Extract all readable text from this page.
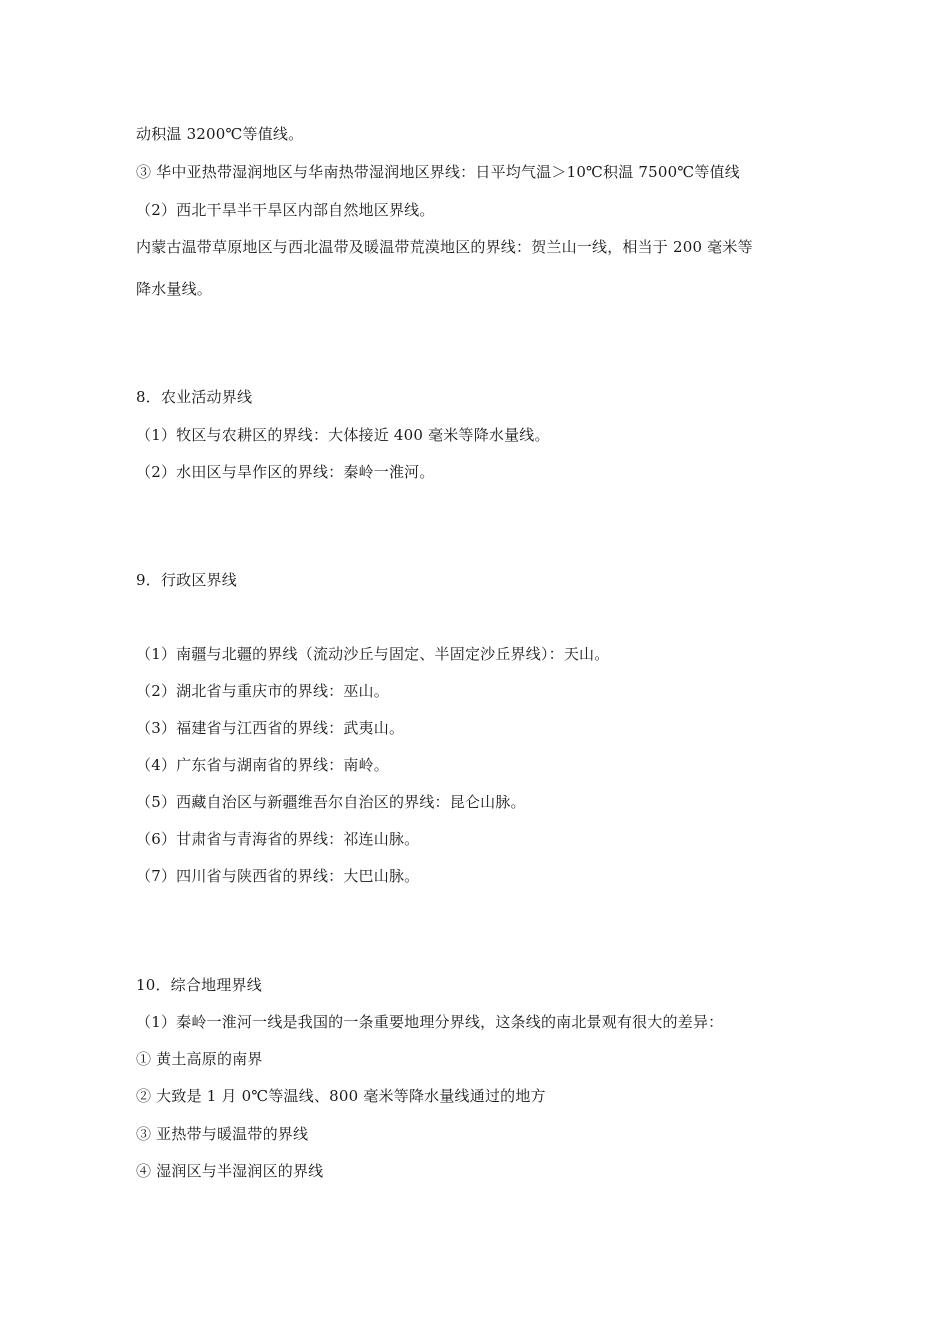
动积温 3200℃等值线。
③ 华中亚热带湿润地区与华南热带湿润地区界线：日平均气温＞10℃积温 7500℃等值线
（2）西北干旱半干旱区内部自然地区界线。
内蒙古温带草原地区与西北温带及暖温带荒漠地区的界线：贺兰山一线，相当于 200 毫米等
降水量线。
8．农业活动界线
（1）牧区与农耕区的界线：大体接近 400 毫米等降水量线。
（2）水田区与旱作区的界线：秦岭一淮河。
9．行政区界线
（1）南疆与北疆的界线（流动沙丘与固定、半固定沙丘界线）：天山。
（2）湖北省与重庆市的界线：巫山。
（3）福建省与江西省的界线：武夷山。
（4）广东省与湖南省的界线：南岭。
（5）西藏自治区与新疆维吾尔自治区的界线：昆仑山脉。
（6）甘肃省与青海省的界线：祁连山脉。
（7）四川省与陕西省的界线：大巴山脉。
10．综合地理界线
（1）秦岭一淮河一线是我国的一条重要地理分界线，这条线的南北景观有很大的差异：
① 黄土高原的南界
② 大致是 1 月 0℃等温线、800 毫米等降水量线通过的地方
③ 亚热带与暖温带的界线
④ 湿润区与半湿润区的界线
